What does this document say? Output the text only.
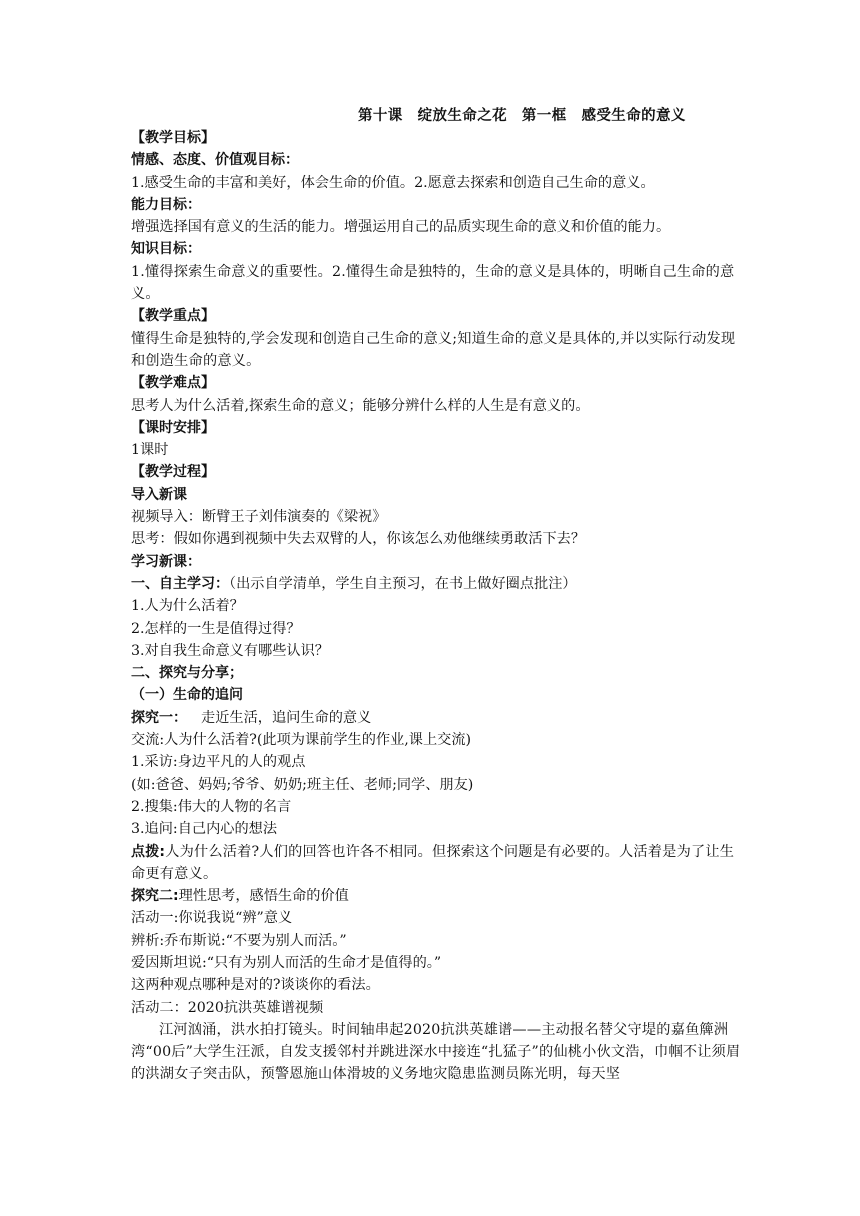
第十课　绽放生命之花　第一框　感受生命的意义
【教学目标】
情感、态度、价值观目标：
1.感受生命的丰富和美好，体会生命的价值。2.愿意去探索和创造自己生命的意义。
能力目标：
增强选择国有意义的生活的能力。增强运用自己的品质实现生命的意义和价值的能力。
知识目标：
1.懂得探索生命意义的重要性。2.懂得生命是独特的，生命的意义是具体的，明晰自己生命的意义。
【教学重点】
懂得生命是独特的,学会发现和创造自己生命的意义;知道生命的意义是具体的,并以实际行动发现和创造生命的意义。
【教学难点】
思考人为什么活着,探索生命的意义；能够分辨什么样的人生是有意义的。
【课时安排】
1课时
【教学过程】
导入新课
视频导入：断臂王子刘伟演奏的《梁祝》
思考：假如你遇到视频中失去双臂的人，你该怎么劝他继续勇敢活下去？
学习新课：
一、自主学习：（出示自学清单，学生自主预习，在书上做好圈点批注）
1.人为什么活着？
2.怎样的一生是值得过得？
3.对自我生命意义有哪些认识？
二、探究与分享；
（一）生命的追问
探究一： 走近生活，追问生命的意义
交流:人为什么活着?(此项为课前学生的作业,课上交流)
1.采访:身边平凡的人的观点
(如:爸爸、妈妈;爷爷、奶奶;班主任、老师;同学、朋友)
2.搜集:伟大的人物的名言
3.追问:自己内心的想法
点拨:人为什么活着?人们的回答也许各不相同。但探索这个问题是有必要的。人活着是为了让生命更有意义。
探究二:理性思考，感悟生命的价值
活动一:你说我说“辨”意义
辨析:乔布斯说:“不要为别人而活。”
爱因斯坦说:“只有为别人而活的生命才是值得的。”
这两种观点哪种是对的?谈谈你的看法。
活动二：2020抗洪英雄谱视频
江河汹涌，洪水拍打镜头。时间轴串起2020抗洪英雄谱——主动报名替父守堤的嘉鱼簰洲湾“00后”大学生汪派，自发支援邻村并跳进深水中接连“扎猛子”的仙桃小伙文浩，巾帼不让须眉的洪湖女子突击队，预警恩施山体滑坡的义务地灾隐患监测员陈光明，每天坚
